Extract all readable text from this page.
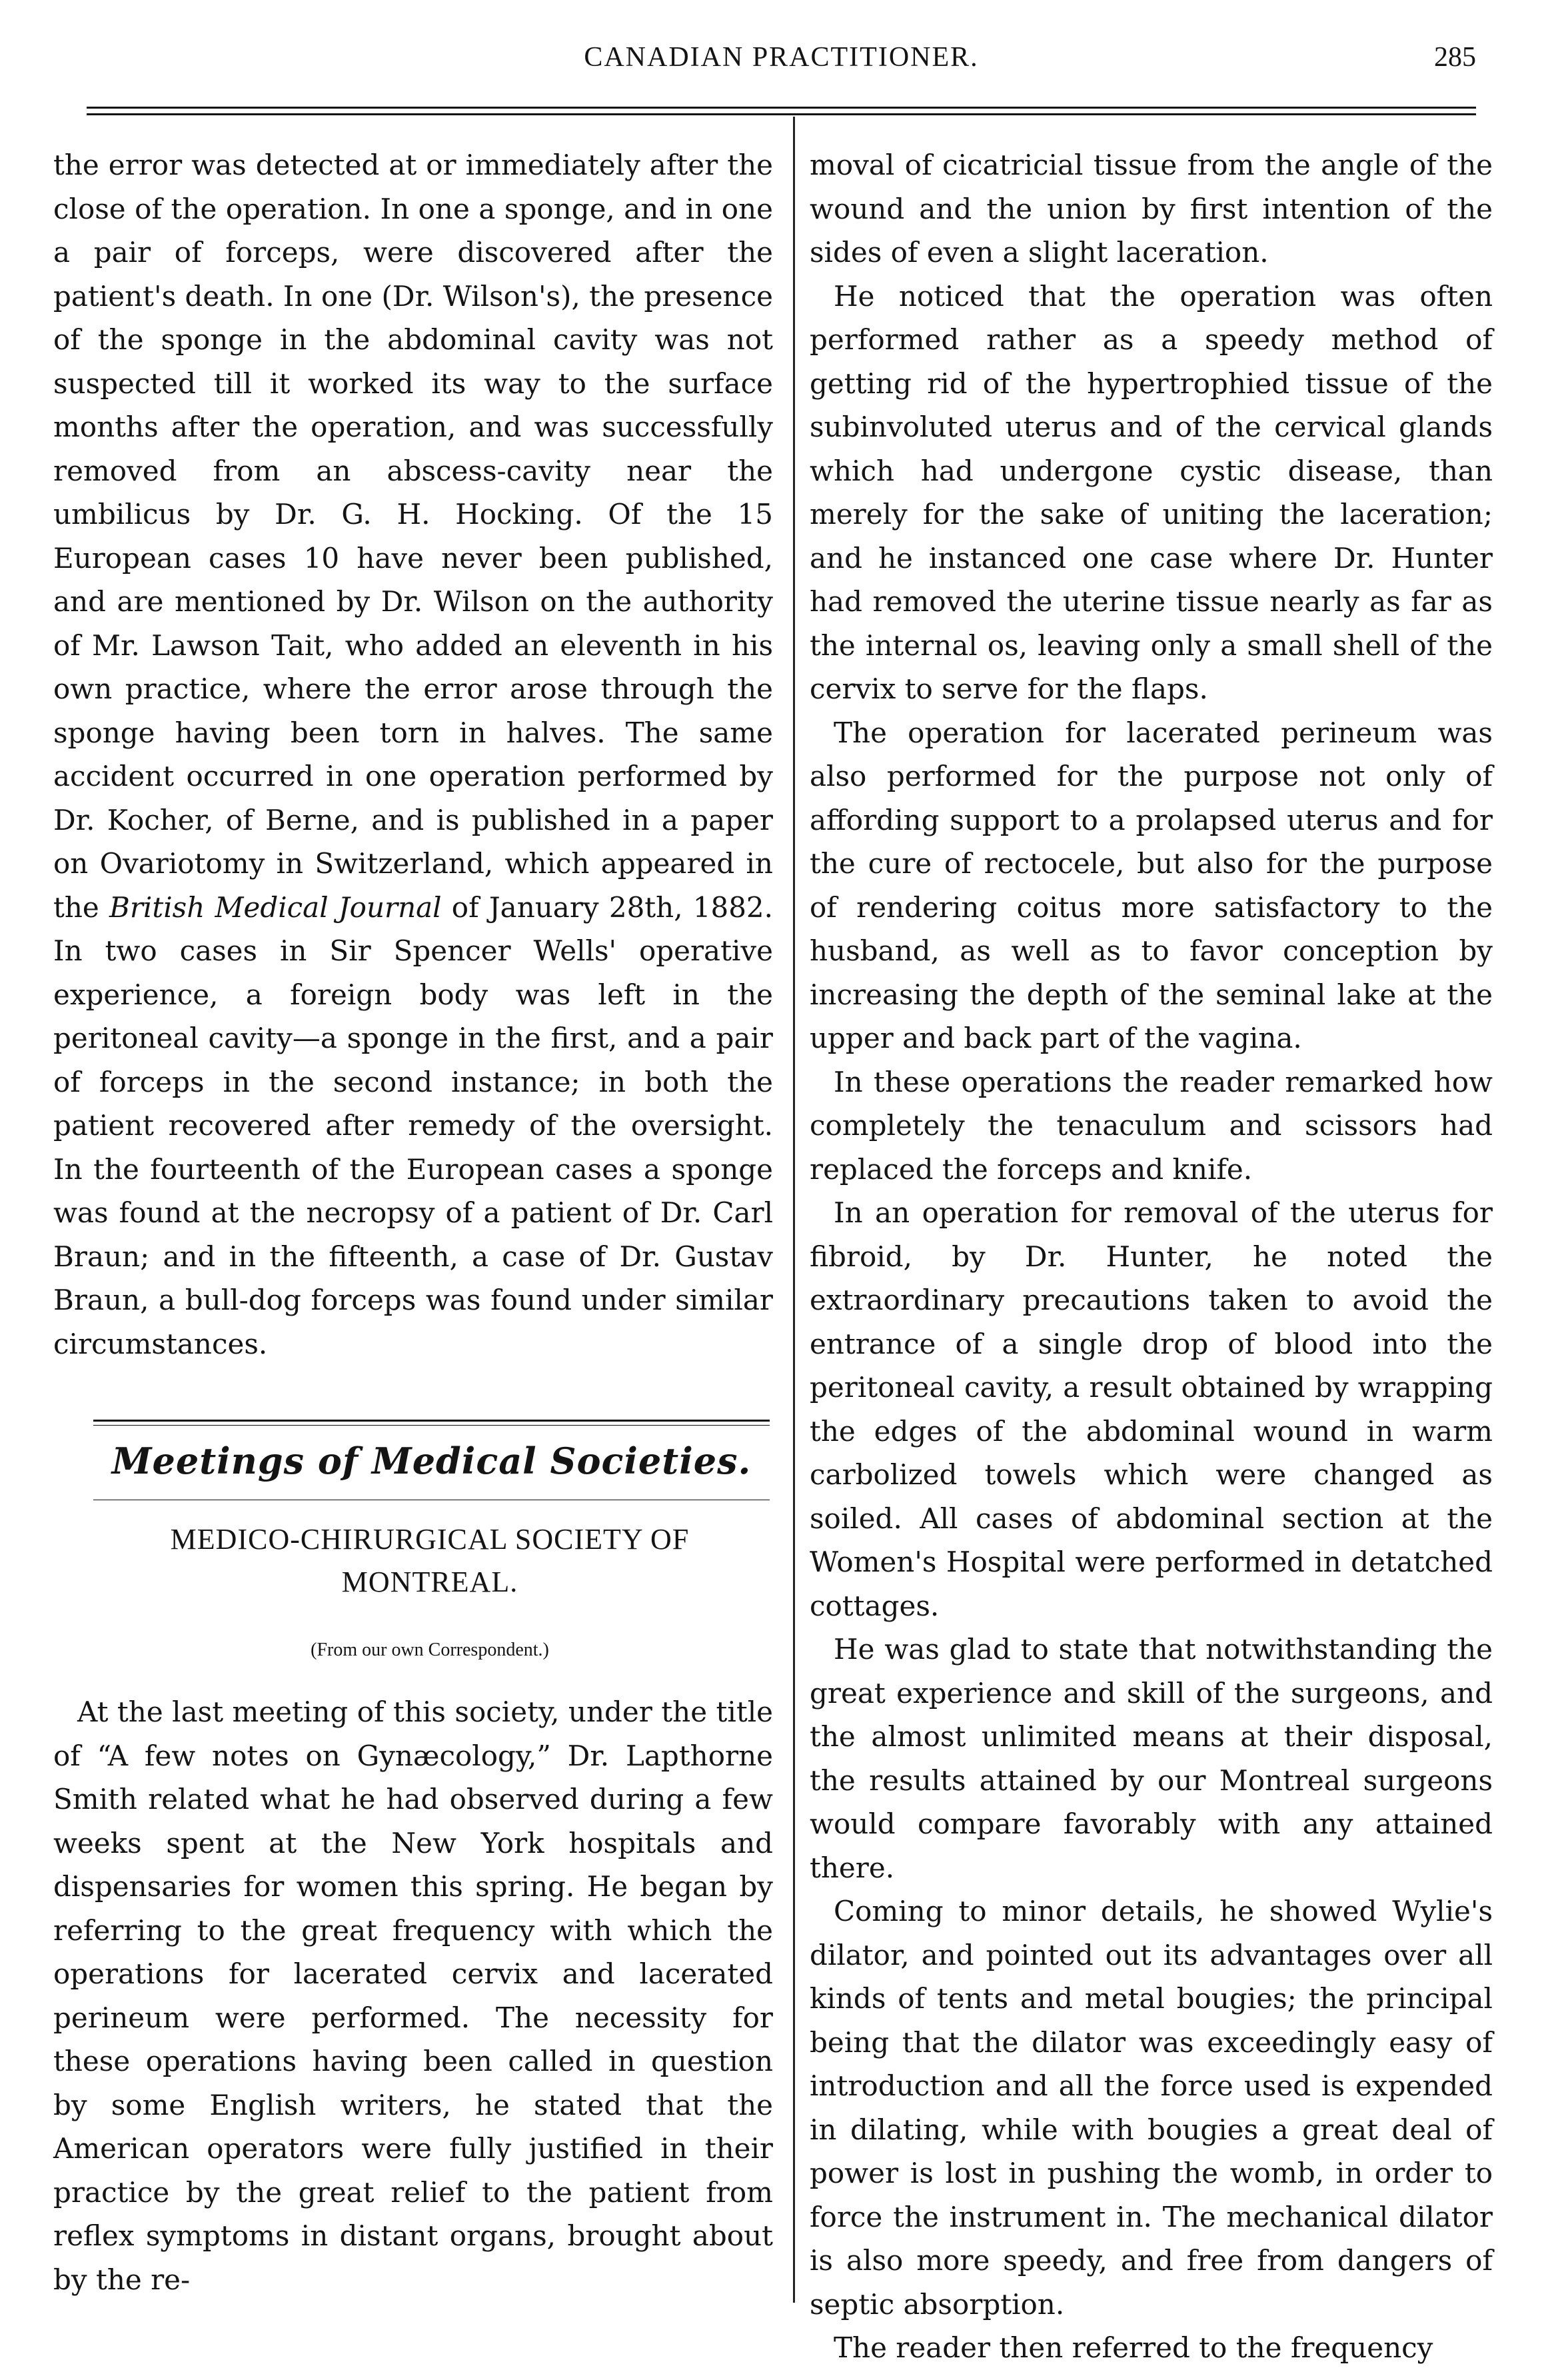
CANADIAN PRACTITIONER.	285

the error was detected at or immediately after the close of the operation. In one a sponge, and in one a pair of forceps, were discovered after the patient's death. In one (Dr. Wilson's), the presence of the sponge in the abdominal cavity was not suspected till it worked its way to the surface months after the operation, and was successfully removed from an abscess-cavity near the umbilicus by Dr. G. H. Hocking. Of the 15 European cases 10 have never been published, and are mentioned by Dr. Wilson on the authority of Mr. Lawson Tait, who added an eleventh in his own practice, where the error arose through the sponge having been torn in halves. The same accident occurred in one operation performed by Dr. Kocher, of Berne, and is published in a paper on Ovariotomy in Switzerland, which appeared in the British Medical Journal of January 28th, 1882. In two cases in Sir Spencer Wells' operative experience, a foreign body was left in the peritoneal cavity—a sponge in the first, and a pair of forceps in the second instance; in both the patient recovered after remedy of the oversight. In the fourteenth of the European cases a sponge was found at the necropsy of a patient of Dr. Carl Braun; and in the fifteenth, a case of Dr. Gustav Braun, a bull-dog forceps was found under similar circumstances.

Meetings of Medical Societies.
MEDICO-CHIRURGICAL SOCIETY OF MONTREAL.
(From our own Correspondent.)

At the last meeting of this society, under the title of “A few notes on Gynæcology,” Dr. Lapthorne Smith related what he had observed during a few weeks spent at the New York hospitals and dispensaries for women this spring. He began by referring to the great frequency with which the operations for lacerated cervix and lacerated perineum were performed. The necessity for these operations having been called in question by some English writers, he stated that the American operators were fully justified in their practice by the great relief to the patient from reflex symptoms in distant organs, brought about by the re-

moval of cicatricial tissue from the angle of the wound and the union by first intention of the sides of even a slight laceration.

He noticed that the operation was often performed rather as a speedy method of getting rid of the hypertrophied tissue of the subinvoluted uterus and of the cervical glands which had undergone cystic disease, than merely for the sake of uniting the laceration; and he instanced one case where Dr. Hunter had removed the uterine tissue nearly as far as the internal os, leaving only a small shell of the cervix to serve for the flaps.

The operation for lacerated perineum was also performed for the purpose not only of affording support to a prolapsed uterus and for the cure of rectocele, but also for the purpose of rendering coitus more satisfactory to the husband, as well as to favor conception by increasing the depth of the seminal lake at the upper and back part of the vagina.

In these operations the reader remarked how completely the tenaculum and scissors had replaced the forceps and knife.

In an operation for removal of the uterus for fibroid, by Dr. Hunter, he noted the extraordinary precautions taken to avoid the entrance of a single drop of blood into the peritoneal cavity, a result obtained by wrapping the edges of the abdominal wound in warm carbolized towels which were changed as soiled. All cases of abdominal section at the Women's Hospital were performed in detatched cottages.

He was glad to state that notwithstanding the great experience and skill of the surgeons, and the almost unlimited means at their disposal, the results attained by our Montreal surgeons would compare favorably with any attained there.

Coming to minor details, he showed Wylie's dilator, and pointed out its advantages over all kinds of tents and metal bougies; the principal being that the dilator was exceedingly easy of introduction and all the force used is expended in dilating, while with bougies a great deal of power is lost in pushing the womb, in order to force the instrument in. The mechanical dilator is also more speedy, and free from dangers of septic absorption.

The reader then referred to the frequency
